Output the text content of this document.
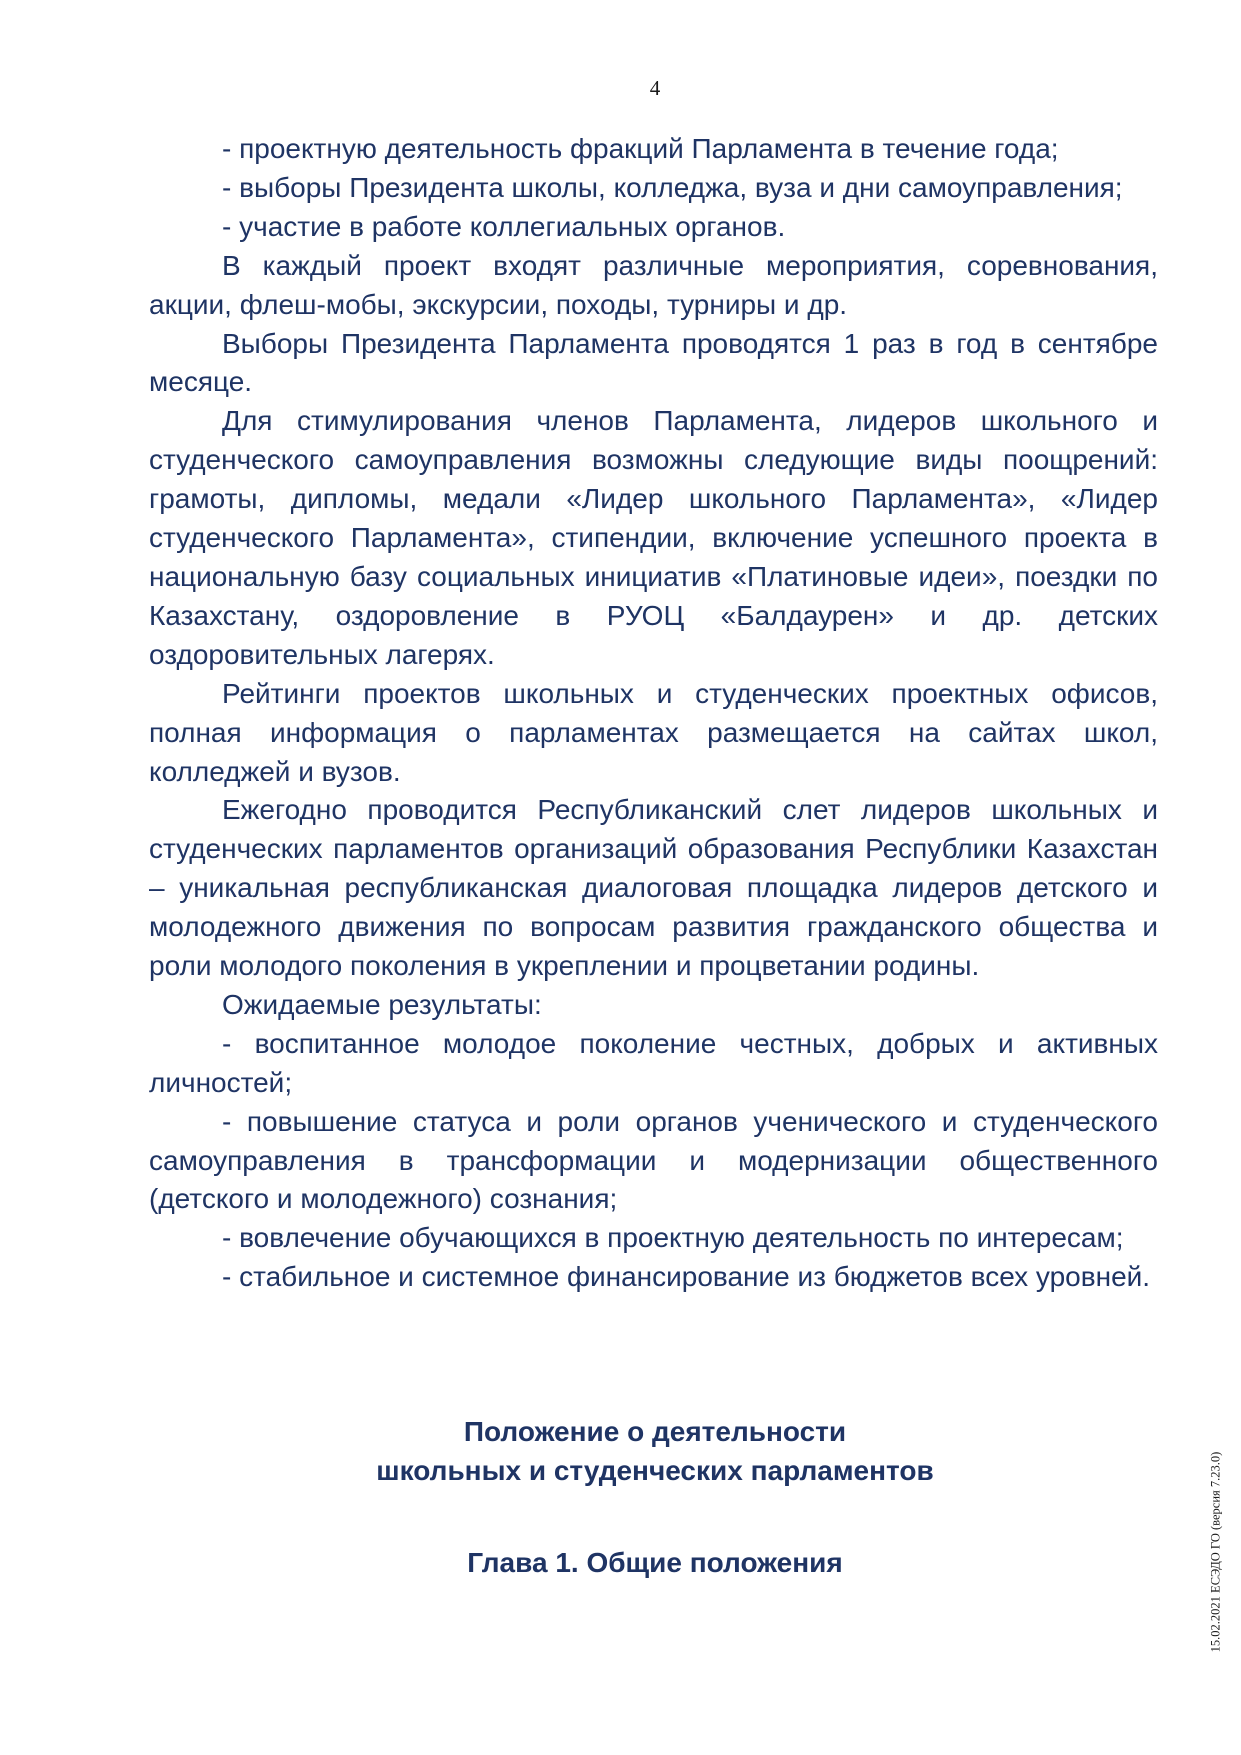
4

- проектную деятельность фракций Парламента в течение года;

- выборы Президента школы, колледжа, вуза и дни самоуправления;

- участие в работе коллегиальных органов.

В каждый проект входят различные мероприятия, соревнования, акции, флеш-мобы, экскурсии, походы, турниры и др.

Выборы Президента Парламента проводятся 1 раз в год в сентябре месяце.

Для стимулирования членов Парламента, лидеров школьного и студенческого самоуправления возможны следующие виды поощрений: грамоты, дипломы, медали «Лидер школьного Парламента», «Лидер студенческого Парламента», стипендии, включение успешного проекта в национальную базу социальных инициатив «Платиновые идеи», поездки по Казахстану, оздоровление в РУОЦ «Балдаурен» и др. детских оздоровительных лагерях.

Рейтинги проектов школьных и студенческих проектных офисов, полная информация о парламентах размещается на сайтах школ, колледжей и вузов.

Ежегодно проводится Республиканский слет лидеров школьных и студенческих парламентов организаций образования Республики Казахстан – уникальная республиканская диалоговая площадка лидеров детского и молодежного движения по вопросам развития гражданского общества и роли молодого поколения в укреплении и процветании родины.

Ожидаемые результаты:

- воспитанное молодое поколение честных, добрых и активных личностей;

- повышение статуса и роли органов ученического и студенческого самоуправления в трансформации и модернизации общественного (детского и молодежного) сознания;

- вовлечение обучающихся в проектную деятельность по интересам;

- стабильное и системное финансирование из бюджетов всех уровней.

Положение о деятельности
школьных и студенческих парламентов
Глава 1. Общие положения	15.02.2021 ЕСЭДО ГО (версия 7.23.0)
